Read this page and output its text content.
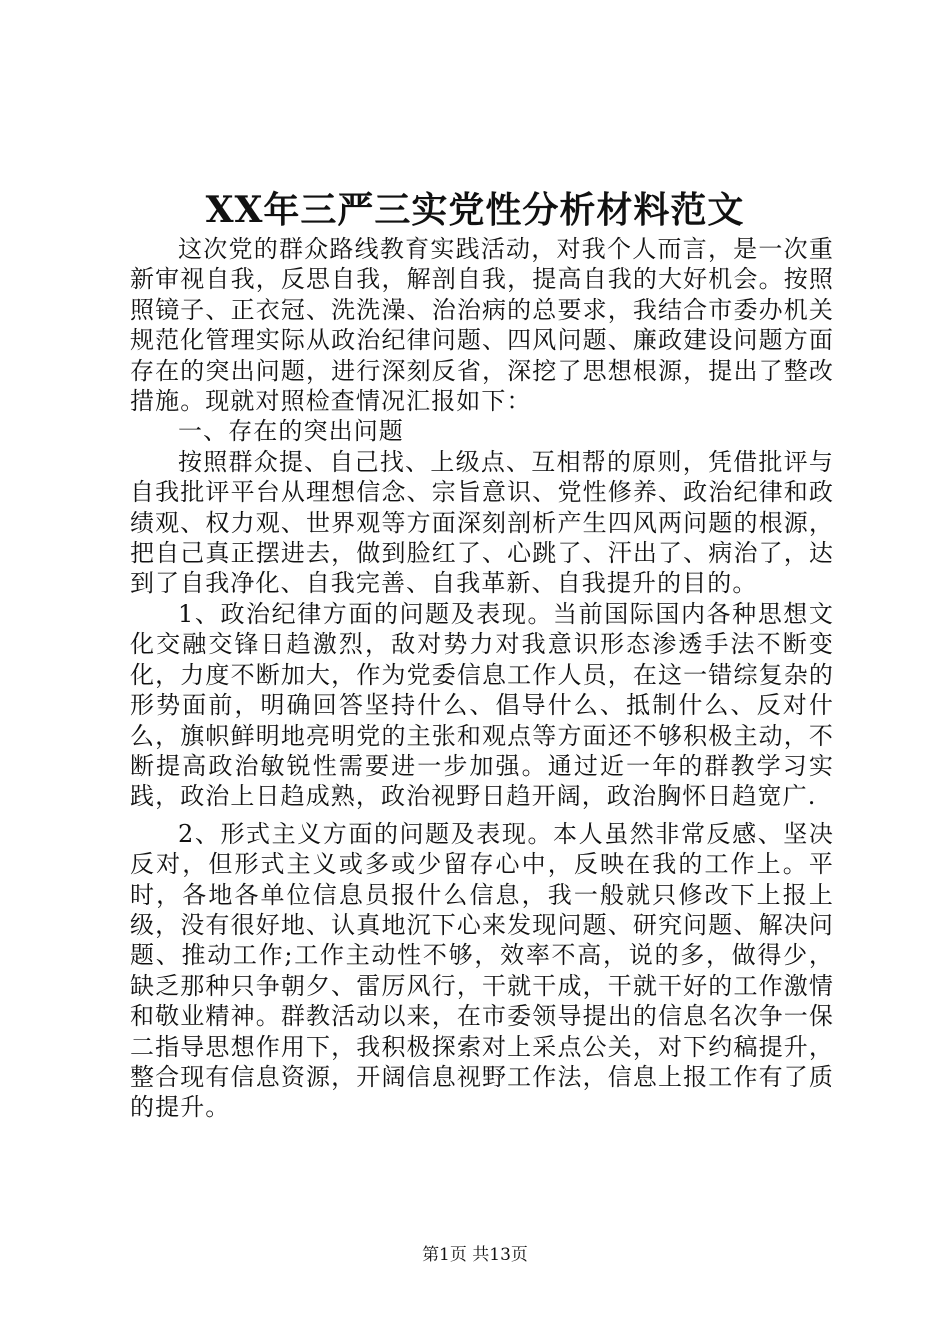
XX年三严三实党性分析材料范文

这次党的群众路线教育实践活动，对我个人而言，是一次重新审视自我，反思自我，解剖自我，提高自我的大好机会。按照照镜子、正衣冠、洗洗澡、治治病的总要求，我结合市委办机关规范化管理实际从政治纪律问题、四风问题、廉政建设问题方面存在的突出问题，进行深刻反省，深挖了思想根源，提出了整改措施。现就对照检查情况汇报如下：

一、存在的突出问题

按照群众提、自己找、上级点、互相帮的原则，凭借批评与自我批评平台从理想信念、宗旨意识、党性修养、政治纪律和政绩观、权力观、世界观等方面深刻剖析产生四风两问题的根源，把自己真正摆进去，做到脸红了、心跳了、汗出了、病治了，达到了自我净化、自我完善、自我革新、自我提升的目的。

1、政治纪律方面的问题及表现。当前国际国内各种思想文化交融交锋日趋激烈，敌对势力对我意识形态渗透手法不断变化，力度不断加大，作为党委信息工作人员，在这一错综复杂的形势面前，明确回答坚持什么、倡导什么、抵制什么、反对什么，旗帜鲜明地亮明党的主张和观点等方面还不够积极主动，不断提高政治敏锐性需要进一步加强。通过近一年的群教学习实践，政治上日趋成熟，政治视野日趋开阔，政治胸怀日趋宽广.

2、形式主义方面的问题及表现。本人虽然非常反感、坚决反对，但形式主义或多或少留存心中，反映在我的工作上。平时，各地各单位信息员报什么信息，我一般就只修改下上报上级，没有很好地、认真地沉下心来发现问题、研究问题、解决问题、推动工作;工作主动性不够，效率不高，说的多，做得少，缺乏那种只争朝夕、雷厉风行，干就干成，干就干好的工作激情和敬业精神。群教活动以来，在市委领导提出的信息名次争一保二指导思想作用下，我积极探索对上采点公关，对下约稿提升，整合现有信息资源，开阔信息视野工作法，信息上报工作有了质的提升。

第1页 共13页
